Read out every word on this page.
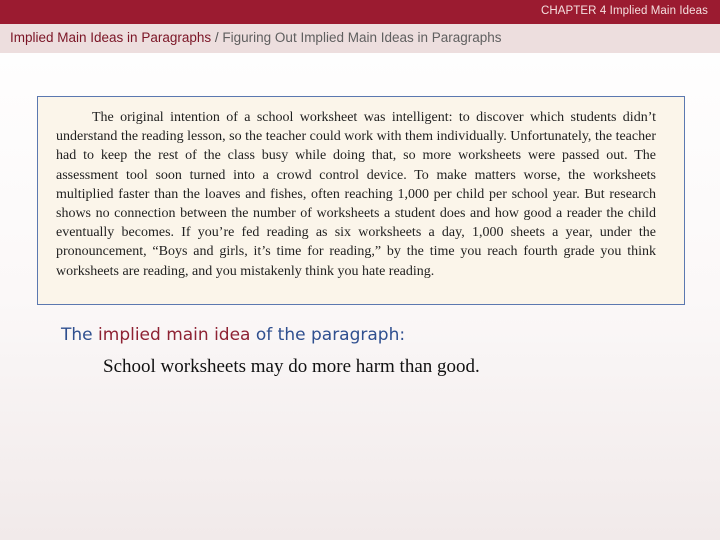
CHAPTER 4 Implied Main Ideas
Implied Main Ideas in Paragraphs / Figuring Out Implied Main Ideas in Paragraphs

The original intention of a school worksheet was intelligent: to discover which students didn’t understand the reading lesson, so the teacher could work with them individually. Unfortunately, the teacher had to keep the rest of the class busy while doing that, so more worksheets were passed out. The assessment tool soon turned into a crowd control device. To make matters worse, the worksheets multiplied faster than the loaves and fishes, often reaching 1,000 per child per school year. But research shows no connection between the number of worksheets a student does and how good a reader the child eventually becomes. If you’re fed reading as six worksheets a day, 1,000 sheets a year, under the pronouncement, “Boys and girls, it’s time for reading,” by the time you reach fourth grade you think worksheets are reading, and you mistakenly think you hate reading.

The implied main idea of the paragraph:

School worksheets may do more harm than good.
